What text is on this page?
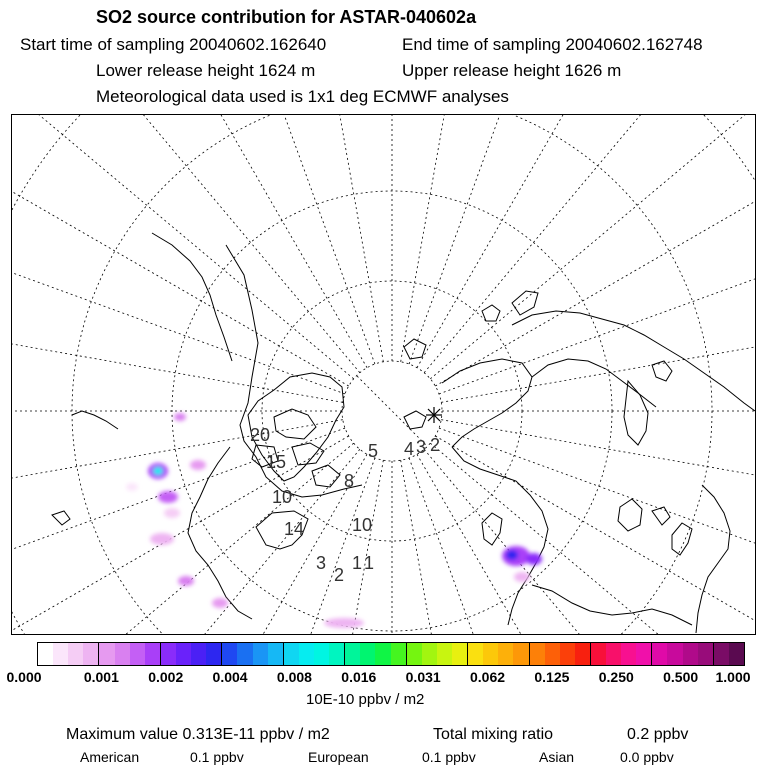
SO2 source contribution for ASTAR-040602a
Start time of sampling 20040602.162640	End time of sampling 20040602.162748
Lower release height 1624 m	Upper release height 1626 m
Meteorological data used is 1x1 deg ECMWF analyses
20
15
5 4 3 2
8
10
14	10
3
2
1 1
0.000	0.001 0.002 0.004 0.008 0.016 0.031 0.062 0.125 0.250 0.500 1.000
10E-10 ppbv / m2
Maximum value 0.313E-11 ppbv / m2	Total mixing ratio	0.2 ppbv
American	0.1 ppbv	European	0.1 ppbv	Asian	0.0 ppbv
